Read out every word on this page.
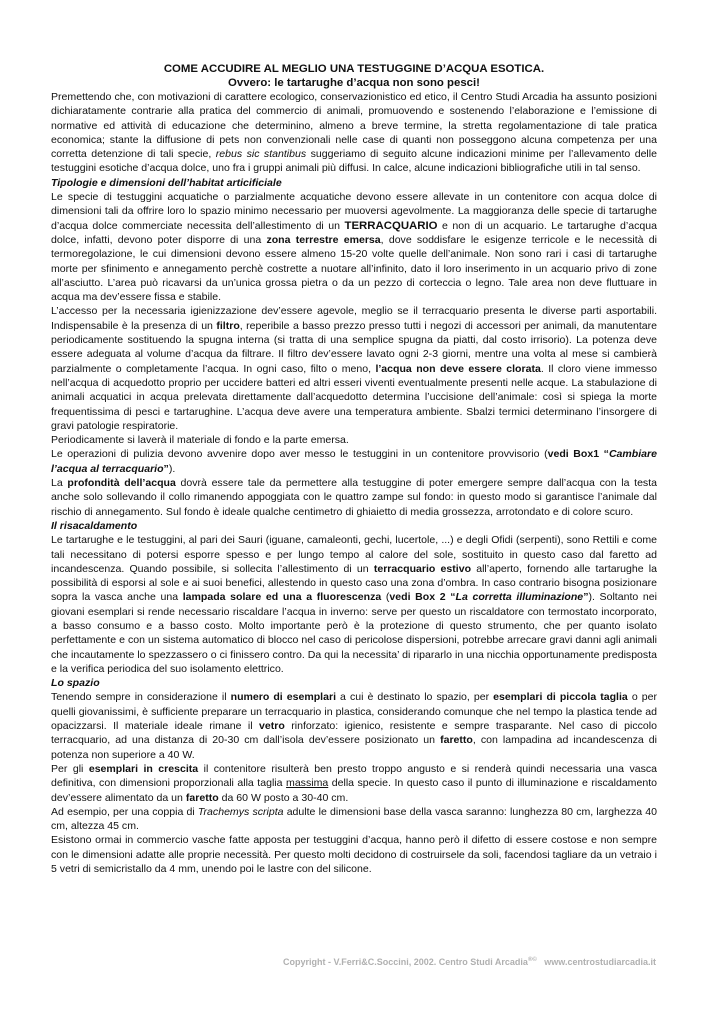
COME ACCUDIRE AL MEGLIO UNA TESTUGGINE D’ACQUA ESOTICA.
Ovvero: le tartarughe d’acqua non sono pesci!

Premettendo che, con motivazioni di carattere ecologico, conservazionistico ed etico, il Centro Studi Arcadia ha assunto posizioni dichiaratamente contrarie alla pratica del commercio di animali, promuovendo e sostenendo l’elaborazione e l’emissione di normative ed attività di educazione che determinino, almeno a breve termine, la stretta regolamentazione di tale pratica economica; stante la diffusione di pets non convenzionali nelle case di quanti non posseggono alcuna competenza per una corretta detenzione di tali specie, rebus sic stantibus suggeriamo di seguito alcune indicazioni minime per l’allevamento delle testuggini esotiche d’acqua dolce, uno fra i gruppi animali più diffusi. In calce, alcune indicazioni bibliografiche utili in tal senso.

Tipologie e dimensioni dell’habitat articificiale

Le specie di testuggini acquatiche o parzialmente acquatiche devono essere allevate in un contenitore con acqua dolce di dimensioni tali da offrire loro lo spazio minimo necessario per muoversi agevolmente. La maggioranza delle specie di tartarughe d’acqua dolce commerciate necessita dell’allestimento di un TERRACQUARIO e non di un acquario. Le tartarughe d’acqua dolce, infatti, devono poter disporre di una zona terrestre emersa, dove soddisfare le esigenze terricole e le necessità di termoregolazione, le cui dimensioni devono essere almeno 15-20 volte quelle dell’animale. Non sono rari i casi di tartarughe morte per sfinimento e annegamento perchè costrette a nuotare all’infinito, dato il loro inserimento in un acquario privo di zone all’asciutto. L’area può ricavarsi da un’unica grossa pietra o da un pezzo di corteccia o legno. Tale area non deve fluttuare in acqua ma dev’essere fissa e stabile.

L’accesso per la necessaria igienizzazione dev’essere agevole, meglio se il terracquario presenta le diverse parti asportabili. Indispensabile è la presenza di un filtro, reperibile a basso prezzo presso tutti i negozi di accessori per animali, da manutentare periodicamente sostituendo la spugna interna (si tratta di una semplice spugna da piatti, dal costo irrisorio). La potenza deve essere adeguata al volume d’acqua da filtrare. Il filtro dev’essere lavato ogni 2-3 giorni, mentre una volta al mese si cambierà parzialmente o completamente l’acqua. In ogni caso, filto o meno, l’acqua non deve essere clorata. Il cloro viene immesso nell’acqua di acquedotto proprio per uccidere batteri ed altri esseri viventi eventualmente presenti nelle acque. La stabulazione di animali acquatici in acqua prelevata direttamente dall’acquedotto determina l’uccisione dell’animale: così si spiega la morte frequentissima di pesci e tartarughine. L’acqua deve avere una temperatura ambiente. Sbalzi termici determinano l’insorgere di gravi patologie respiratorie.

Periodicamente si laverà il materiale di fondo e la parte emersa.

Le operazioni di pulizia devono avvenire dopo aver messo le testuggini in un contenitore provvisorio (vedi Box1 “Cambiare l’acqua al terracquario”).

La profondità dell’acqua dovrà essere tale da permettere alla testuggine di poter emergere sempre dall’acqua con la testa anche solo sollevando il collo rimanendo appoggiata con le quattro zampe sul fondo: in questo modo si garantisce l’animale dal rischio di annegamento. Sul fondo è ideale qualche centimetro di ghiaietto di media grossezza, arrotondato e di colore scuro.

Il risacaldamento

Le tartarughe e le testuggini, al pari dei Sauri (iguane, camaleonti, gechi, lucertole, ...) e degli Ofidi (serpenti), sono Rettili e come tali necessitano di potersi esporre spesso e per lungo tempo al calore del sole, sostituito in questo caso dal faretto ad incandescenza. Quando possibile, si sollecita l’allestimento di un terracquario estivo all’aperto, fornendo alle tartarughe la possibilità di esporsi al sole e ai suoi benefici, allestendo in questo caso una zona d’ombra. In caso contrario bisogna posizionare sopra la vasca anche una lampada solare ed una a fluorescenza (vedi Box 2 “La corretta illuminazione”). Soltanto nei giovani esemplari si rende necessario riscaldare l’acqua in inverno: serve per questo un riscaldatore con termostato incorporato, a basso consumo e a basso costo. Molto importante però è la protezione di questo strumento, che per quanto isolato perfettamente e con un sistema automatico di blocco nel caso di pericolose dispersioni, potrebbe arrecare gravi danni agli animali che incautamente lo spezzassero o ci finissero contro. Da qui la necessita’ di ripararlo in una nicchia opportunamente predisposta e la verifica periodica del suo isolamento elettrico.

Lo spazio

Tenendo sempre in considerazione il numero di esemplari a cui è destinato lo spazio, per esemplari di piccola taglia o per quelli giovanissimi, è sufficiente preparare un terracquario in plastica, considerando comunque che nel tempo la plastica tende ad opacizzarsi. Il materiale ideale rimane il vetro rinforzato: igienico, resistente e sempre trasparante. Nel caso di piccolo terracquario, ad una distanza di 20-30 cm dall’isola dev’essere posizionato un faretto, con lampadina ad incandescenza di potenza non superiore a 40 W.

Per gli esemplari in crescita il contenitore risulterà ben presto troppo angusto e si renderà quindi necessaria una vasca definitiva, con dimensioni proporzionali alla taglia massima della specie. In questo caso il punto di illuminazione e riscaldamento dev’essere alimentato da un faretto da 60 W posto a 30-40 cm.

Ad esempio, per una coppia di Trachemys scripta adulte le dimensioni base della vasca saranno: lunghezza 80 cm, larghezza 40 cm, altezza 45 cm.

Esistono ormai in commercio vasche fatte apposta per testuggini d’acqua, hanno però il difetto di essere costose e non sempre con le dimensioni adatte alle proprie necessità. Per questo molti decidono di costruirsele da soli, facendosi tagliare da un vetraio i 5 vetri di semicristallo da 4 mm, unendo poi le lastre con del silicone.

Copyright - V.Ferri&C.Soccini, 2002. Centro Studi Arcadia®© www.centrostudiarcadia.it
